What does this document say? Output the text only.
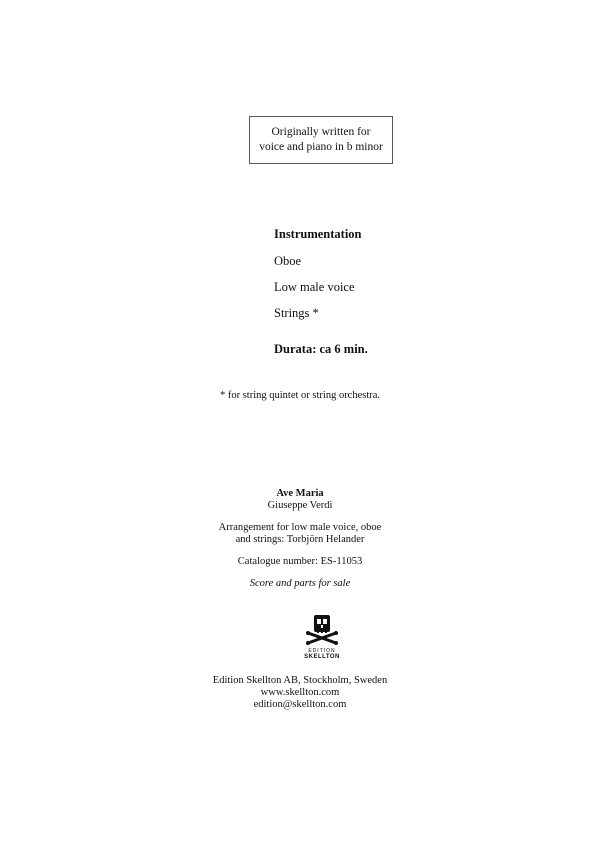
Originally written for
voice and piano in b minor
Instrumentation
Oboe
Low male voice
Strings *
Durata: ca 6 min.
* for string quintet or string orchestra.
Ave Maria
Giuseppe Verdi
Arrangement for low male voice, oboe
and strings: Torbjörn Helander
Catalogue number: ES-11053
Score and parts for sale
EDITION
SKELLTON
Edition Skellton AB, Stockholm, Sweden
www.skellton.com
edition@skellton.com
